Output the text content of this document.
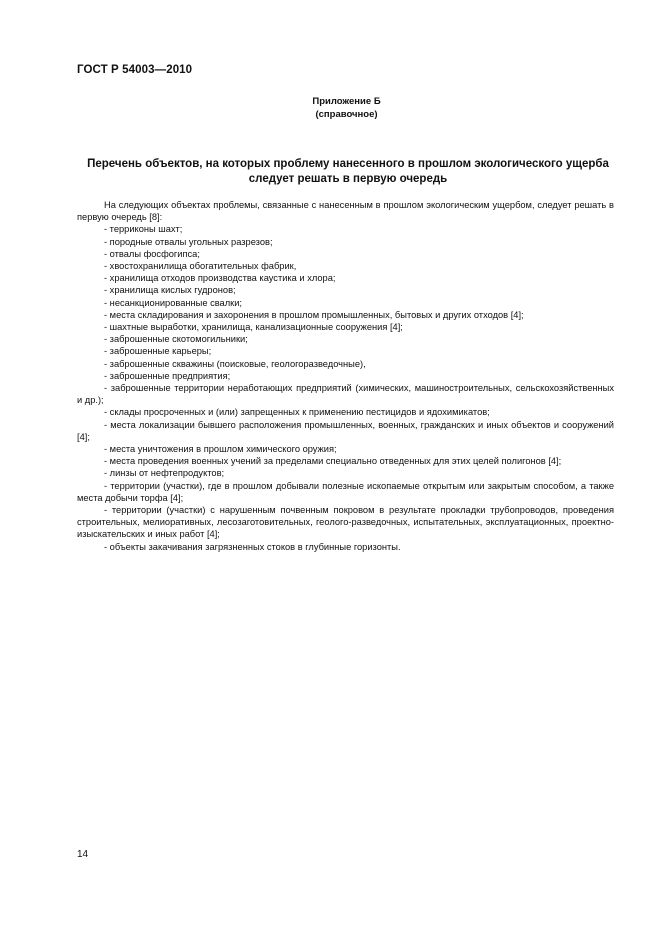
ГОСТ Р 54003—2010
Приложение Б
(справочное)
Перечень объектов, на которых проблему нанесенного в прошлом экологического ущерба следует решать в первую очередь

На следующих объектах проблемы, связанные с нанесенным в прошлом экологическим ущербом, следует решать в первую очередь [8]:

- терриконы шахт;

- породные отвалы угольных разрезов;

- отвалы фосфогипса;

- хвостохранилища обогатительных фабрик,

- хранилища отходов производства каустика и хлора;

- хранилища кислых гудронов;

- несанкционированные свалки;

- места складирования и захоронения в прошлом промышленных, бытовых и других отходов [4];

- шахтные выработки, хранилища, канализационные сооружения [4];

- заброшенные скотомогильники;

- заброшенные карьеры;

- заброшенные скважины (поисковые, геологоразведочные),

- заброшенные предприятия;

- заброшенные территории неработающих предприятий (химических, машиностроительных, сельскохозяйственных и др.);

- склады просроченных и (или) запрещенных к применению пестицидов и ядохимикатов;

- места локализации бывшего расположения промышленных, военных, гражданских и иных объектов и сооружений [4];

- места уничтожения в прошлом химического оружия;

- места проведения военных учений за пределами специально отведенных для этих целей полигонов [4];

- линзы от нефтепродуктов;

- территории (участки), где в прошлом добывали полезные ископаемые открытым или закрытым способом, а также места добычи торфа [4];

- территории (участки) с нарушенным почвенным покровом в результате прокладки трубопроводов, проведения строительных, мелиоративных, лесозаготовительных, геолого-разведочных, испытательных, эксплуатационных, проектно-изыскательских и иных работ [4];

- объекты закачивания загрязненных стоков в глубинные горизонты.

14
